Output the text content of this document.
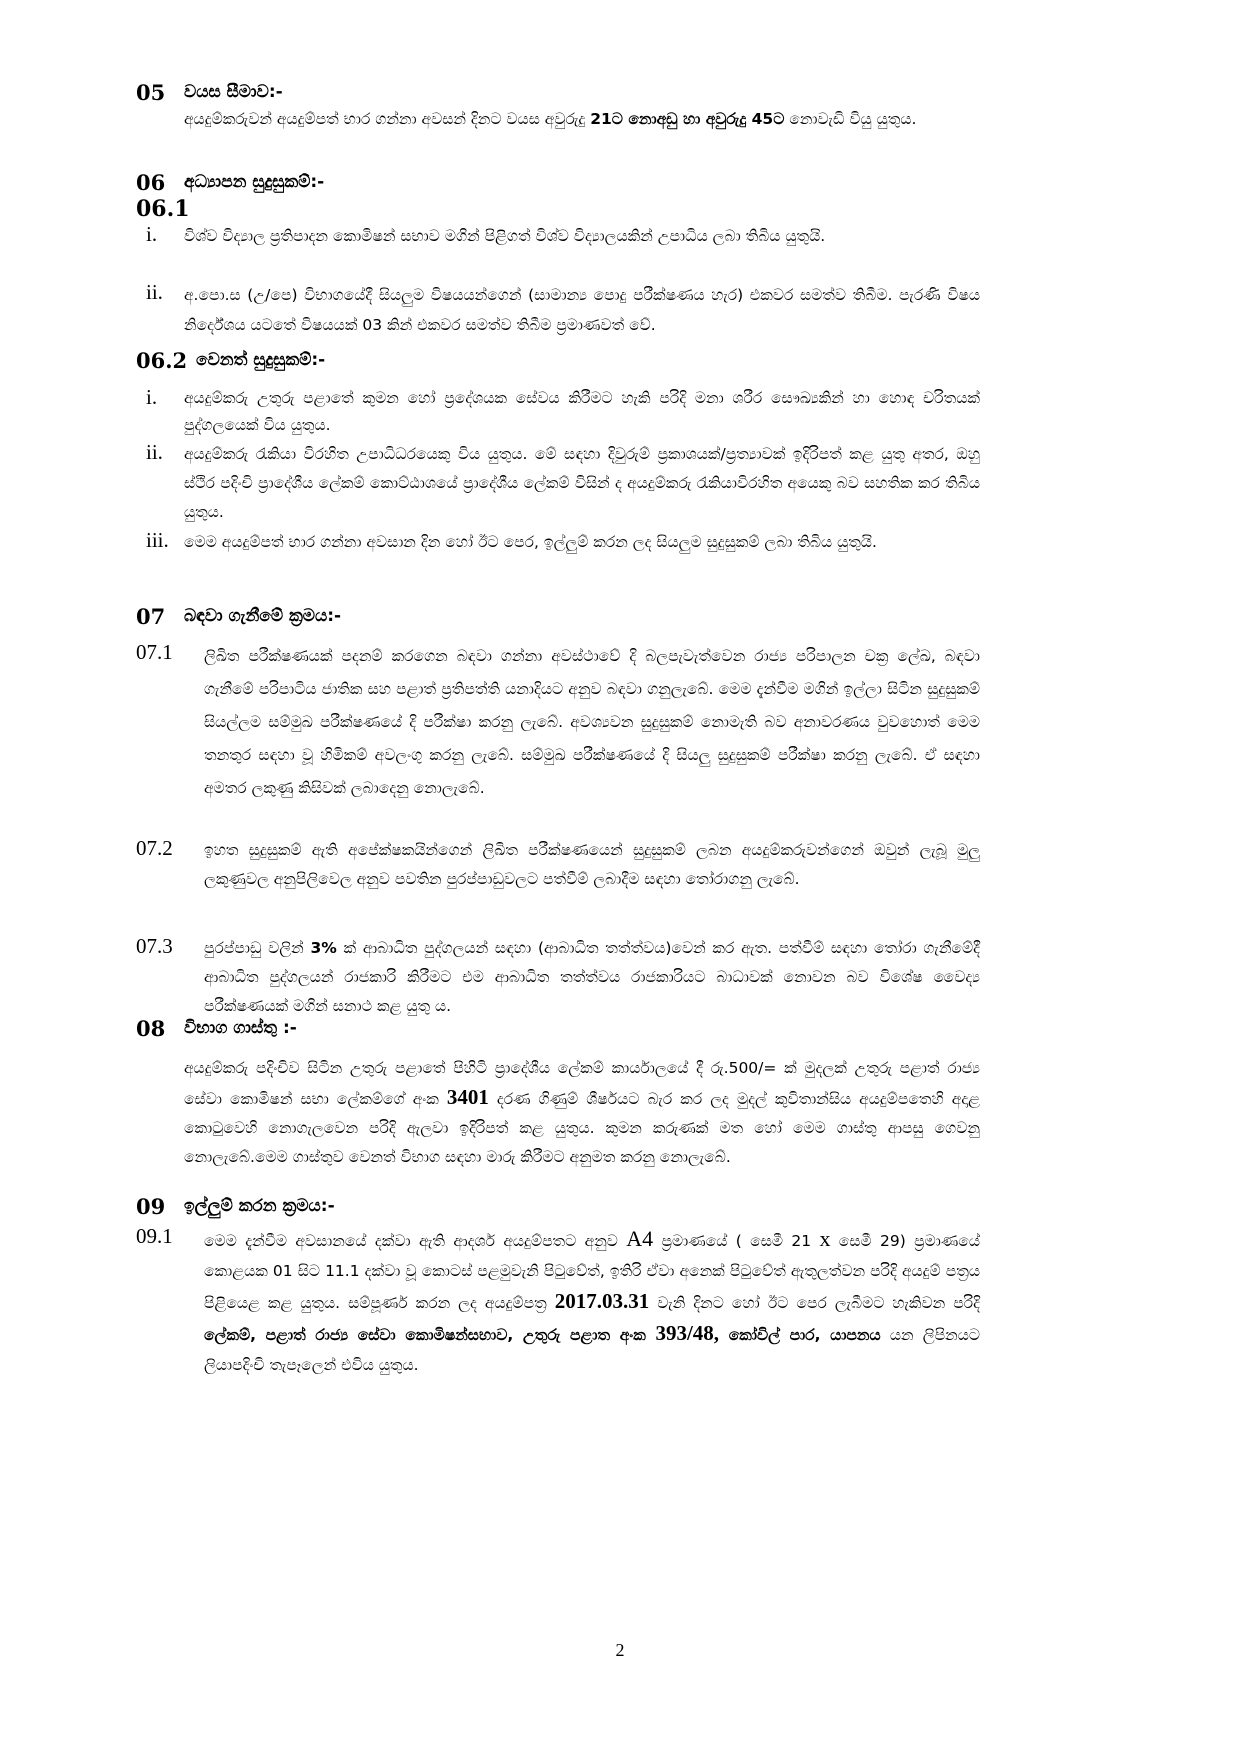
05 වයස සීමාව:-

අයදුම්කරුවන් අයදුම්පත් භාර ගන්නා අවසන් දිනට වයස අවුරුදු 21ට නොඅඩු හා අවුරුදු 45ට නොවැඩි වියු යුතුය.

06 අධ්‍යාපන සුදුසුකම්:-
06.1
i. විශ්ව විද්‍යාල ප්‍රතිපාදන කොමිෂන් සභාව මගින් පිළිගත් විශ්ව විද්‍යාලයකින් උපාධිය ලබා තිබිය යුතුයි.
ii. අ.පො.ස (උ/පෙ) විභාගයේදී සියලුම විෂයයන්ගෙන් (සාමාන්‍ය පොදු පරීක්ෂණය හැර) එකවර සමත්ව තිබීම. පැරණි විෂය නිර්දේශය යටතේ විෂයයක් 03 කින් එකවර සමත්ව තිබීම ප්‍රමාණවත් වේ.
06.2 වෙනත් සුදුසුකම්:-
i. අයදුම්කරු උතුරු පළාතේ කුමන හෝ ප්‍රදේශයක සේවය කිරීමට හැකි පරිදි මනා ශරීර සෞඛ්‍යකින් හා හොඳ චරිතයක් පුද්ගලයෙක් විය යුතුය.
ii. අයදුම්කරු රැකියා විරහිත උපාධිධරයෙකු විය යුතුය. මේ සඳහා දිවුරුම් ප්‍රකාශයක්/ප්‍රත්‍යාවක් ඉදිරිපත් කළ යුතු අතර, ඔහු ස්ථිර පදිංචි ප්‍රාදේශීය ලේකම් කොට්ඨාශයේ ප්‍රාදේශීය ලේකම් විසින් ද අයදුම්කරු රැකියාවිරහිත අයෙකු බව සහතික කර තිබිය යුතුය.
iii. මෙම අයදුම්පත් භාර ගන්නා අවසාන දින හෝ ඊට පෙර, ඉල්ලුම් කරන ලද සියලුම සුදුසුකම් ලබා තිබිය යුතුයි.
07 බඳවා ගැනීමේ ක්‍රමය:-
07.1 ලිඛිත පරීක්ෂණයක් පදනම් කරගෙන බඳවා ගන්නා අවස්ථාවේ දි බලපැවැත්වෙන රාජ්‍ය පරිපාලන චක්‍ර ලේඛ, බඳවා ගැනීමේ පරිපාටිය ජාතික සහ පළාත් ප්‍රතිපත්ති යනාදියට අනුව බඳවා ගනුලැබේ. මෙම දැන්වීම මගින් ඉල්ලා සිටින සුදුසුකම් සියල්ලම සම්මුඛ පරීක්ෂණයේ දි පරීක්ෂා කරනු ලැබේ. අවශ්‍යවන සුදුසුකම් නොමැති බව අනාවරණය වුවහොත් මෙම තනතුර සඳහා වූ හිමිකම් අවලංගු කරනු ලැබේ. සම්මුඛ පරීක්ෂණයේ දි සියලු සුදුසුකම් පරීක්ෂා කරනු ලැබේ. ඒ සඳහා අමතර ලකුණු කිසිවක් ලබාදෙනු නොලැබේ.
07.2 ඉහත සුදුසුකම් ඇති අපේක්ෂකයින්ගෙන් ලිඛිත පරීක්ෂණයෙන් සුදුසුකම් ලබන අයදුම්කරුවන්ගෙන් ඔවුන් ලැබූ මුලු ලකුණුවල අනුපිලිවෙල අනුව පවතින පුරප්පාඩුවලට පත්වීම් ලබාදීම සඳහා තෝරාගනු ලැබේ.
07.3 පුරප්පාඩු වලින් 3% ක් ආබාධිත පුද්ගලයන් සඳහා (ආබාධිත තත්ත්වය)වෙන් කර ඇත. පත්වීම් සඳහා තෝරා ගැනීමේදී ආබාධිත පුද්ගලයන් රාජකාරි කිරීමට එම ආබාධිත තත්ත්වය රාජකාරියට බාධාවක් නොවන බව විශේෂ වෛද්‍ය පරීක්ෂණයක් මගින් සනාථ කළ යුතු ය.

08 විභාග ගාස්තු :-

අයදුම්කරු පදිංචිව සිටින උතුරු පළාතේ පිහිටි ප්‍රාදේශීය ලේකම් කාර්යාලයේ දී රු.500/= ක් මුදලක් උතුරු පළාත් රාජ්‍ය සේවා කොමිෂන් සභා ලේකම්ගේ අංක 3401 දරණ ගිණුම් ශීර්ෂයට බැර කර ලද මුදල් කුවිතාන්සිය අයදුම්පතෙහි අදාළ කොටුවෙහි නොගැලවෙන පරිදි ඇලවා ඉදිරිපත් කළ යුතුය. කුමන කරුණක් මත හෝ මෙම ගාස්තු ආපසු ගෙවනු නොලැබේ.මෙම ගාස්තුව වෙනත් විභාග සඳහා මාරු කිරීමට අනුමත කරනු නොලැබේ.

09 ඉල්ලුම් කරන ක්‍රමය:-
09.1 මෙම දැන්වීම අවසානයේ දක්වා ඇති ආදර්ශ අයදුම්පතට අනුව A4 ප්‍රමාණයේ ( සෙමී 21 x සෙමී 29) ප්‍රමාණයේ කොළයක 01 සිට 11.1 දක්වා වූ කොටස් පළමුවැනි පිටුවේත්, ඉතිරි ඒවා අනෙක් පිටුවේත් ඇතුලත්වන පරිදි අයදුම් පත්‍රය පිළියෙළ කළ යුතුය. සම්පූර්ණ කරන ලද අයදුම්පත්‍ර 2017.03.31 වැනි දිනට හෝ ඊට පෙර ලැබීමට හැකිවන පරිදි ලේකම්, පළාත් රාජ්‍ය සේවා කොමිෂන්සභාව, උතුරු පළාත අංක 393/48, කෝවිල් පාර, යාපනය යන ලිපිනයට ලියාපදිංචි තැපෑලෙන් එවිය යුතුය.

2
